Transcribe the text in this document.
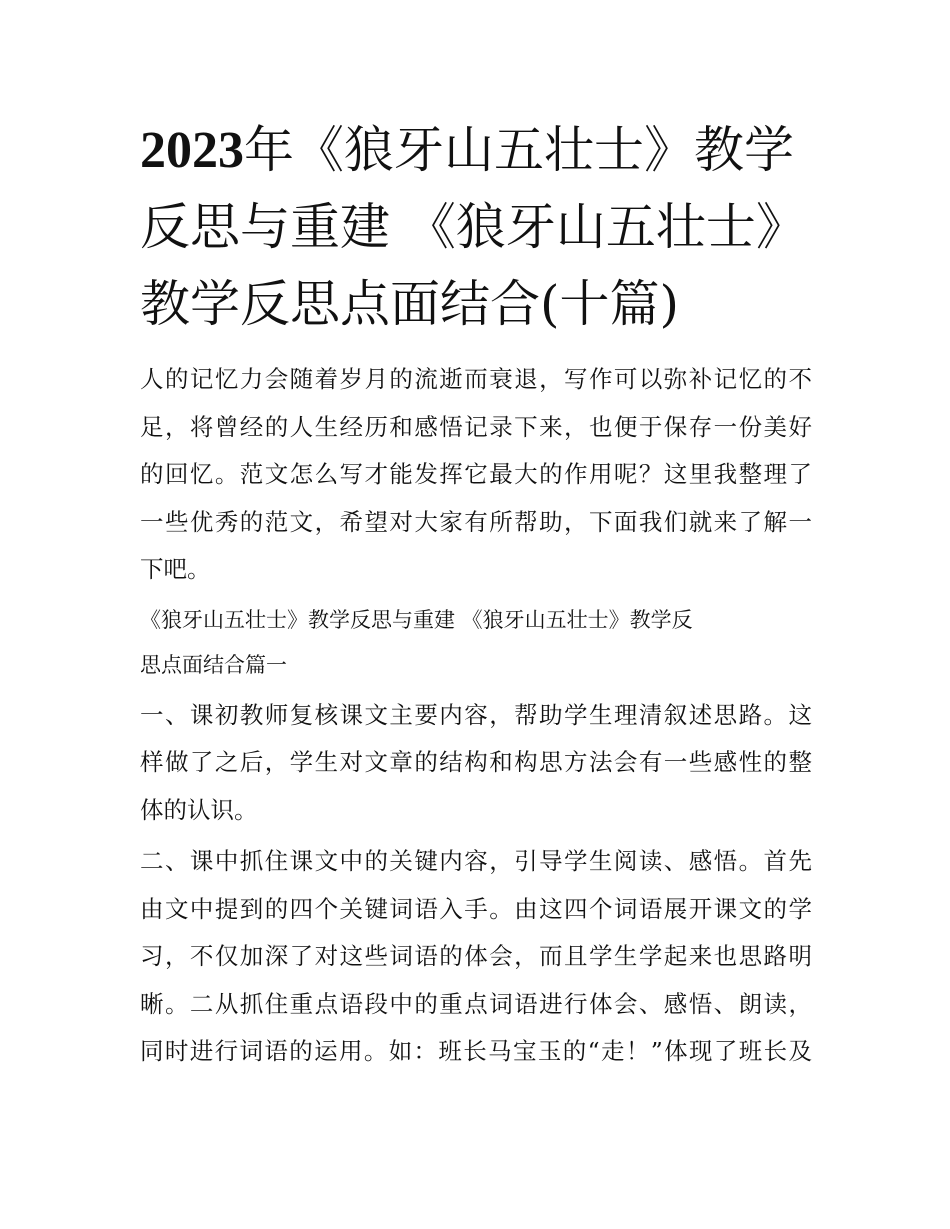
2023年《狼牙山五壮士》教学
反思与重建 《狼牙山五壮士》
教学反思点面结合(十篇)

人的记忆力会随着岁月的流逝而衰退，写作可以弥补记忆的不
足，将曾经的人生经历和感悟记录下来，也便于保存一份美好
的回忆。范文怎么写才能发挥它最大的作用呢？这里我整理了
一些优秀的范文，希望对大家有所帮助，下面我们就来了解一
下吧。

《狼牙山五壮士》教学反思与重建 《狼牙山五壮士》教学反
思点面结合篇一

一、课初教师复核课文主要内容，帮助学生理清叙述思路。这
样做了之后，学生对文章的结构和构思方法会有一些感性的整
体的认识。

二、课中抓住课文中的关键内容，引导学生阅读、感悟。首先
由文中提到的四个关键词语入手。由这四个词语展开课文的学
习，不仅加深了对这些词语的体会，而且学生学起来也思路明
晰。二从抓住重点语段中的重点词语进行体会、感悟、朗读，
同时进行词语的运用。如：班长马宝玉的“走！”体现了班长及
